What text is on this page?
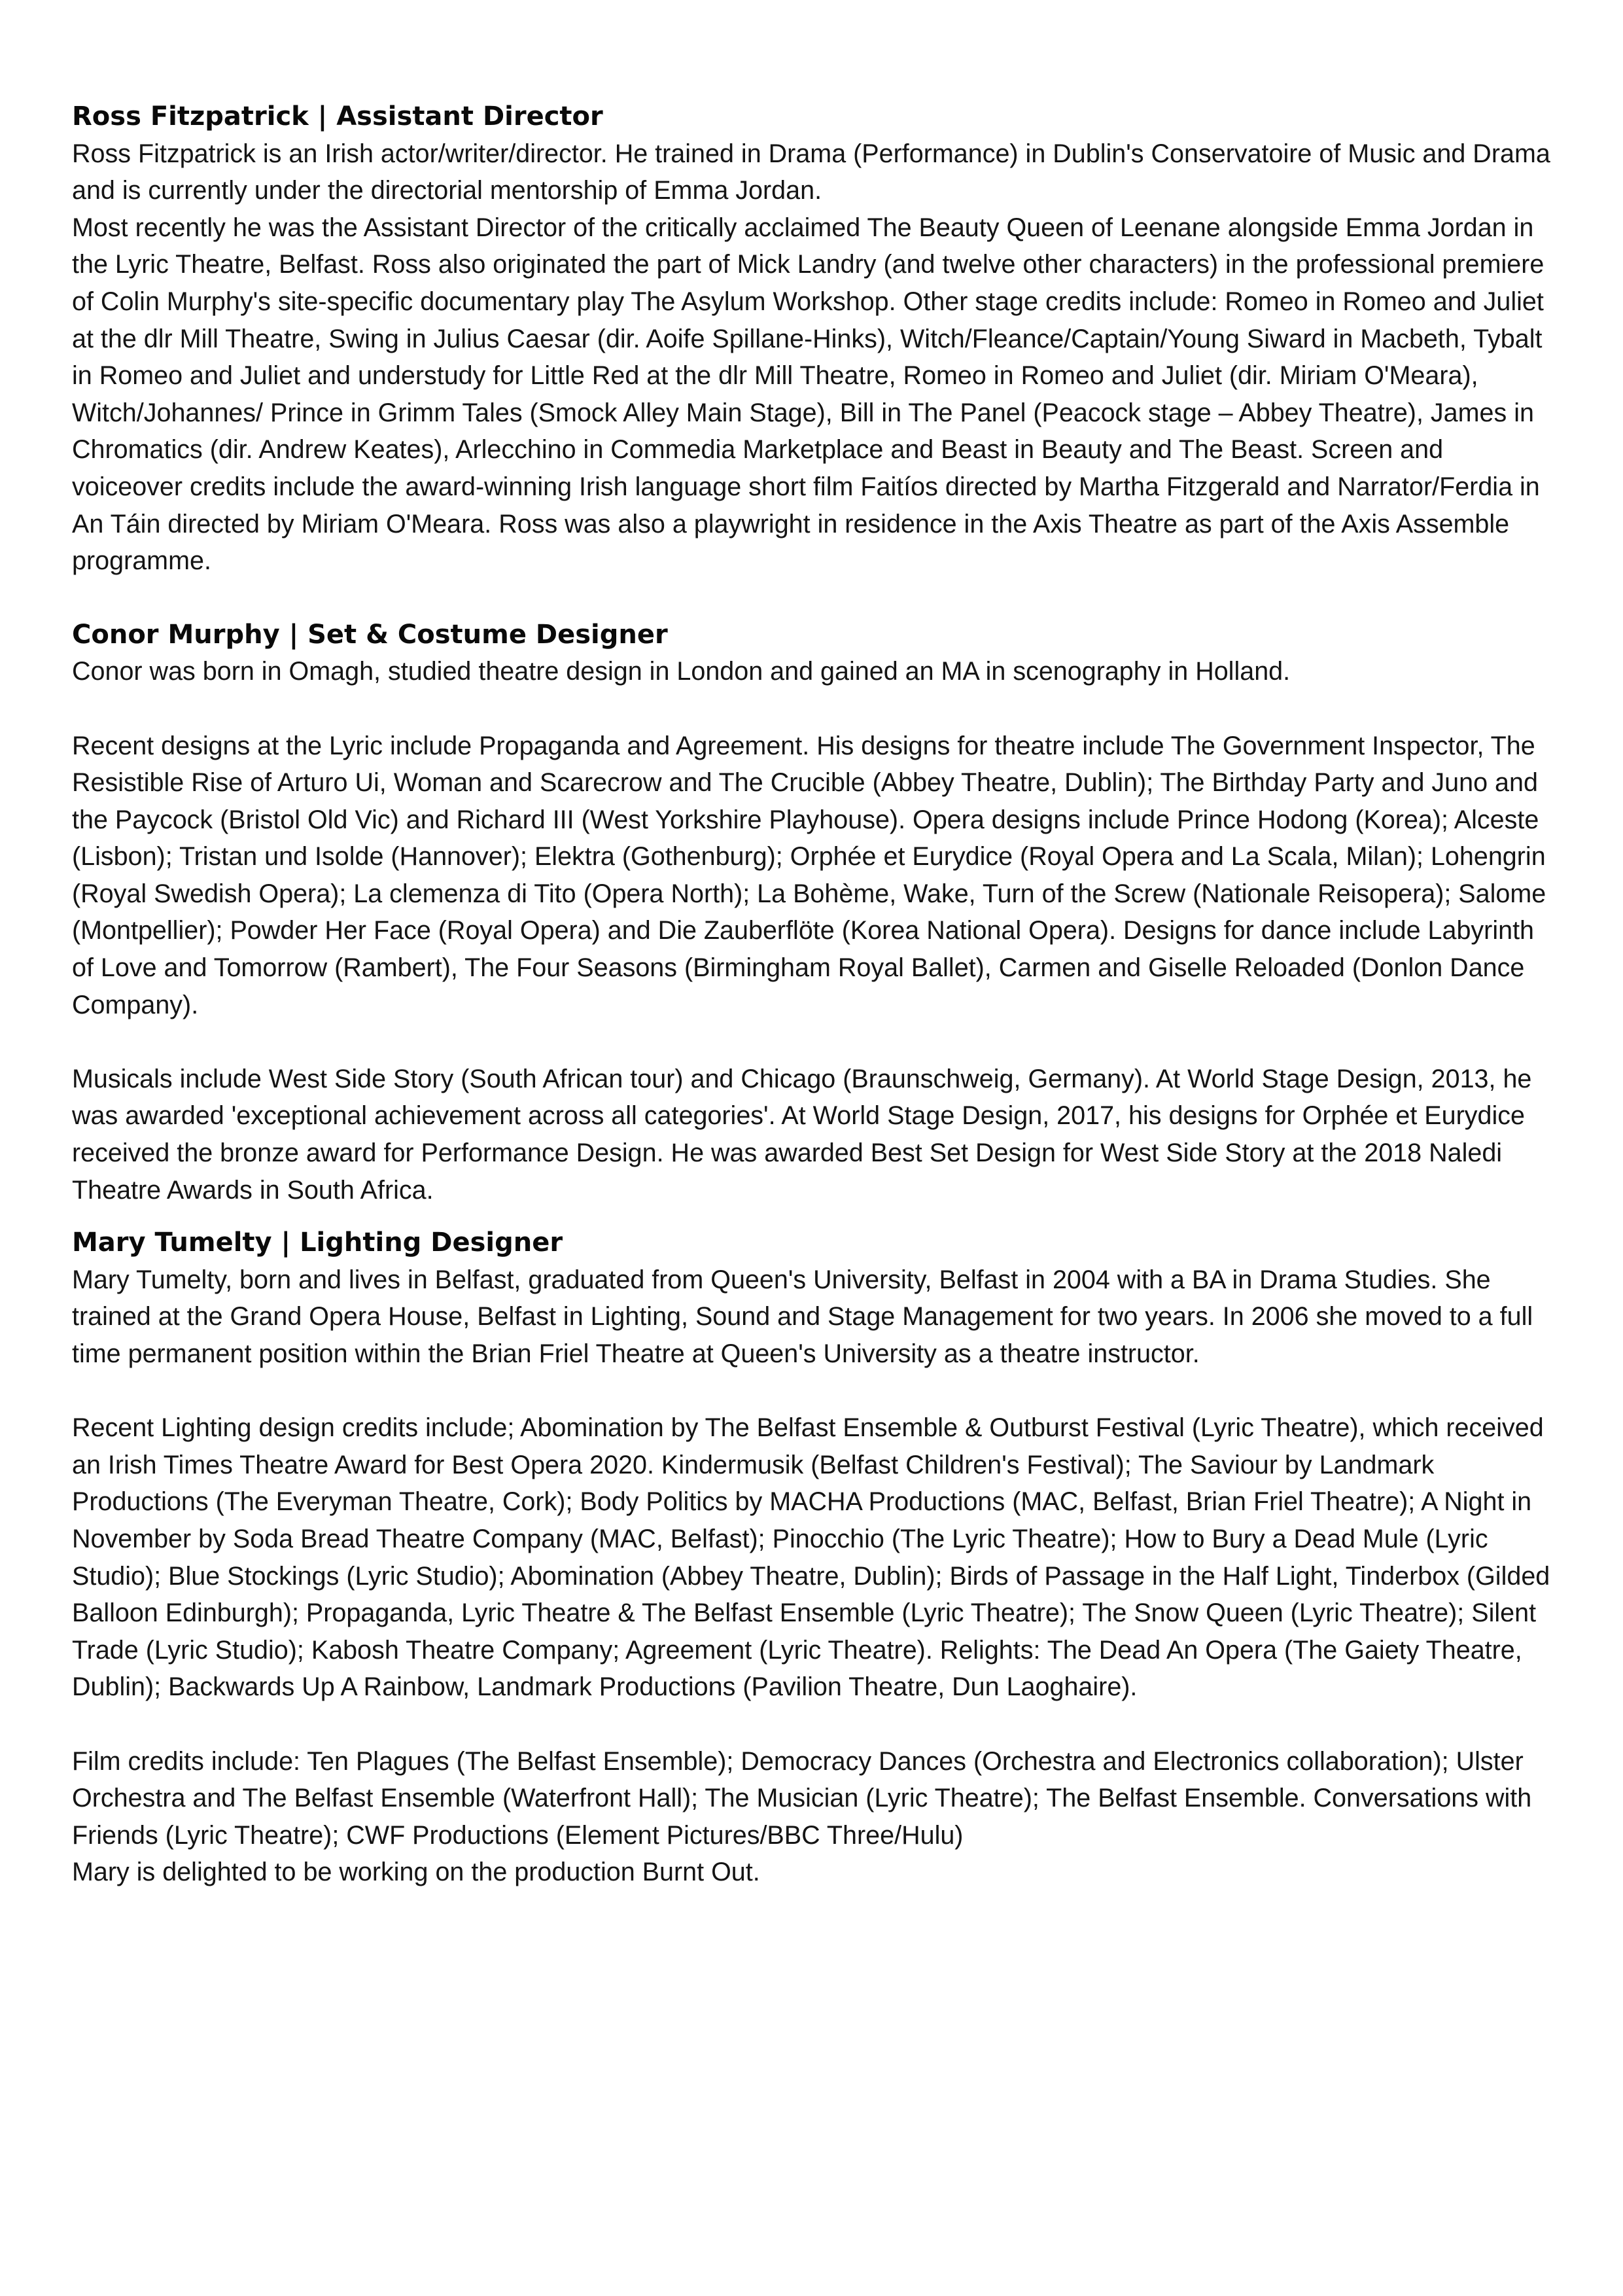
Ross Fitzpatrick | Assistant Director

Ross Fitzpatrick is an Irish actor/writer/director. He trained in Drama (Performance) in Dublin's Conservatoire of Music and Drama and is currently under the directorial mentorship of Emma Jordan.

Most recently he was the Assistant Director of the critically acclaimed The Beauty Queen of Leenane alongside Emma Jordan in the Lyric Theatre, Belfast. Ross also originated the part of Mick Landry (and twelve other characters) in the professional premiere of Colin Murphy's site-specific documentary play The Asylum Workshop. Other stage credits include: Romeo in Romeo and Juliet at the dlr Mill Theatre, Swing in Julius Caesar (dir. Aoife Spillane-Hinks), Witch/Fleance/Captain/Young Siward in Macbeth, Tybalt in Romeo and Juliet and understudy for Little Red at the dlr Mill Theatre, Romeo in Romeo and Juliet (dir. Miriam O'Meara), Witch/Johannes/ Prince in Grimm Tales (Smock Alley Main Stage), Bill in The Panel (Peacock stage – Abbey Theatre), James in Chromatics (dir. Andrew Keates), Arlecchino in Commedia Marketplace and Beast in Beauty and The Beast. Screen and voiceover credits include the award-winning Irish language short film Faitíos directed by Martha Fitzgerald and Narrator/Ferdia in An Táin directed by Miriam O'Meara. Ross was also a playwright in residence in the Axis Theatre as part of the Axis Assemble programme.

Conor Murphy | Set & Costume Designer

Conor was born in Omagh, studied theatre design in London and gained an MA in scenography in Holland.

Recent designs at the Lyric include Propaganda and Agreement. His designs for theatre include The Government Inspector, The Resistible Rise of Arturo Ui, Woman and Scarecrow and The Crucible (Abbey Theatre, Dublin); The Birthday Party and Juno and the Paycock (Bristol Old Vic) and Richard III (West Yorkshire Playhouse). Opera designs include Prince Hodong (Korea); Alceste (Lisbon); Tristan und Isolde (Hannover); Elektra (Gothenburg); Orphée et Eurydice (Royal Opera and La Scala, Milan); Lohengrin (Royal Swedish Opera); La clemenza di Tito (Opera North); La Bohème, Wake, Turn of the Screw (Nationale Reisopera); Salome (Montpellier); Powder Her Face (Royal Opera) and Die Zauberflöte (Korea National Opera). Designs for dance include Labyrinth of Love and Tomorrow (Rambert), The Four Seasons (Birmingham Royal Ballet), Carmen and Giselle Reloaded (Donlon Dance Company).

Musicals include West Side Story (South African tour) and Chicago (Braunschweig, Germany). At World Stage Design, 2013, he was awarded 'exceptional achievement across all categories'. At World Stage Design, 2017, his designs for Orphée et Eurydice received the bronze award for Performance Design. He was awarded Best Set Design for West Side Story at the 2018 Naledi Theatre Awards in South Africa.

Mary Tumelty | Lighting Designer

Mary Tumelty, born and lives in Belfast, graduated from Queen's University, Belfast in 2004 with a BA in Drama Studies. She trained at the Grand Opera House, Belfast in Lighting, Sound and Stage Management for two years. In 2006 she moved to a full time permanent position within the Brian Friel Theatre at Queen's University as a theatre instructor.

Recent Lighting design credits include; Abomination by The Belfast Ensemble & Outburst Festival (Lyric Theatre), which received an Irish Times Theatre Award for Best Opera 2020. Kindermusik (Belfast Children's Festival); The Saviour by Landmark Productions (The Everyman Theatre, Cork); Body Politics by MACHA Productions (MAC, Belfast, Brian Friel Theatre); A Night in November by Soda Bread Theatre Company (MAC, Belfast); Pinocchio (The Lyric Theatre); How to Bury a Dead Mule (Lyric Studio); Blue Stockings (Lyric Studio); Abomination (Abbey Theatre, Dublin); Birds of Passage in the Half Light, Tinderbox (Gilded Balloon Edinburgh); Propaganda, Lyric Theatre & The Belfast Ensemble (Lyric Theatre); The Snow Queen (Lyric Theatre); Silent Trade (Lyric Studio); Kabosh Theatre Company; Agreement (Lyric Theatre). Relights: The Dead An Opera (The Gaiety Theatre, Dublin); Backwards Up A Rainbow, Landmark Productions (Pavilion Theatre, Dun Laoghaire).

Film credits include: Ten Plagues (The Belfast Ensemble); Democracy Dances (Orchestra and Electronics collaboration); Ulster Orchestra and The Belfast Ensemble (Waterfront Hall); The Musician (Lyric Theatre); The Belfast Ensemble. Conversations with Friends (Lyric Theatre); CWF Productions (Element Pictures/BBC Three/Hulu)

Mary is delighted to be working on the production Burnt Out.
